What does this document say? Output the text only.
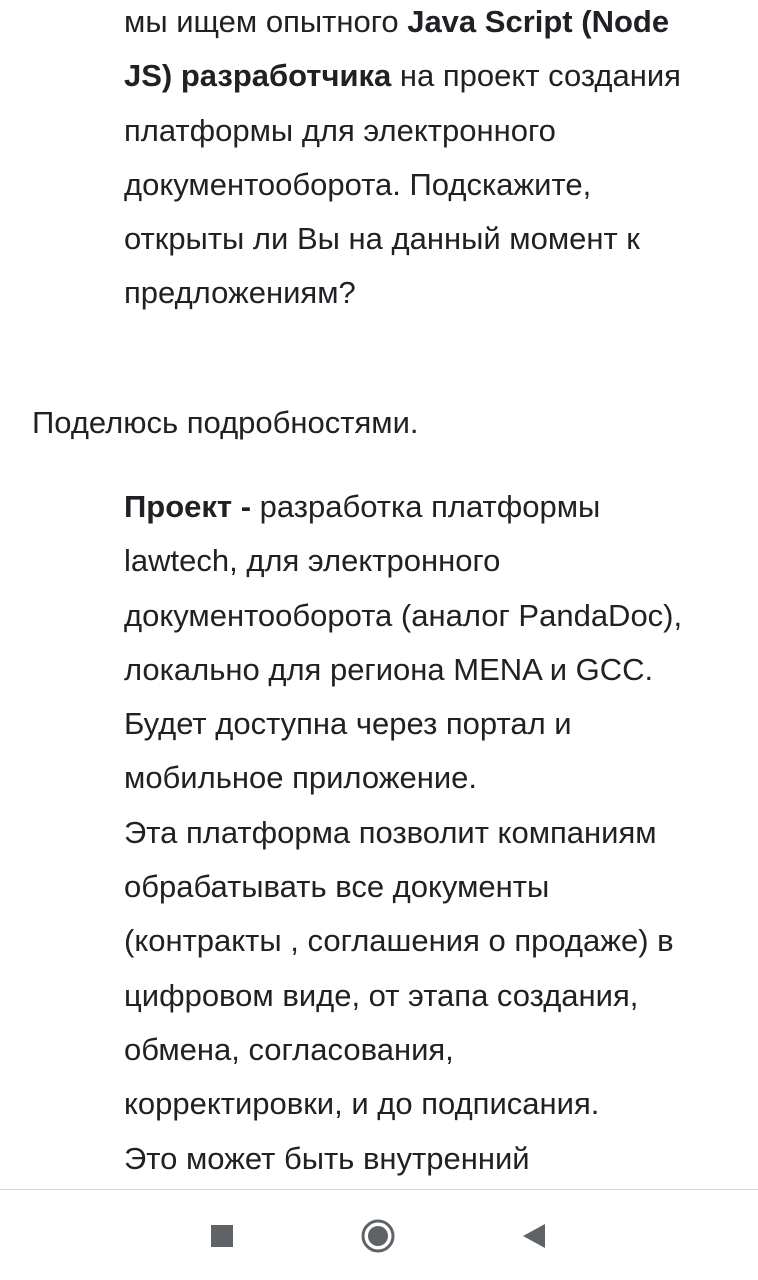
мы ищем опытного Java Script (Node
JS) разработчика на проект создания
платформы для электронного
документооборота. Подскажите,
открыты ли Вы на данный момент к
предложениям?

Поделюсь подробностями.

Проект - разработка платформы
lawtech, для электронного
документооборота (аналог PandaDoc),
локально для региона MENA и GCC.
Будет доступна через портал и
мобильное приложение.
Эта платформа позволит компаниям
обрабатывать все документы
(контракты , соглашения о продаже) в
цифровом виде, от этапа создания,
обмена, согласования,
корректировки, и до подписания.
Это может быть внутренний
